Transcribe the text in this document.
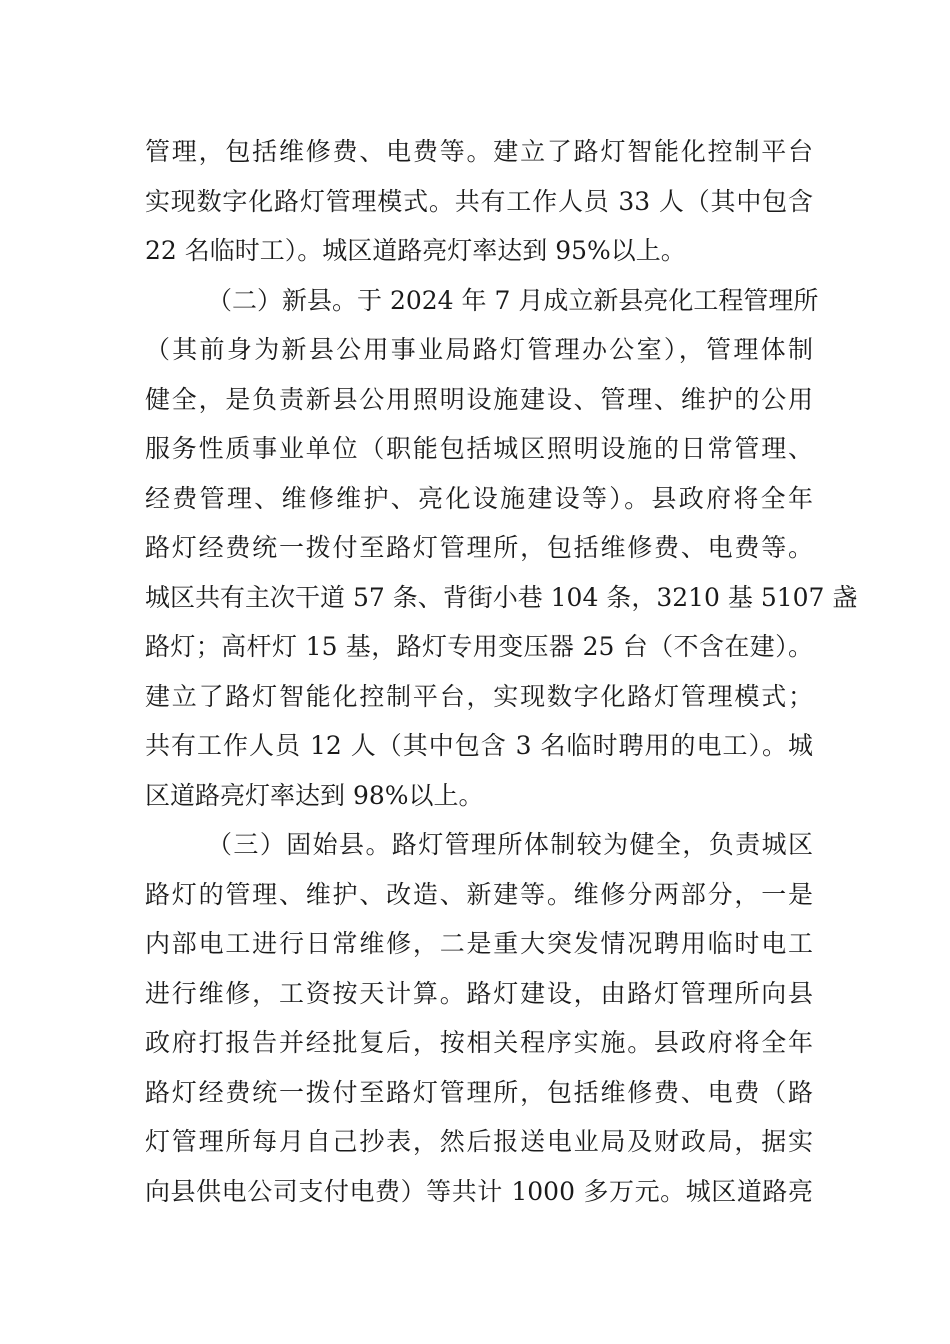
管理，包括维修费、电费等。建立了路灯智能化控制平台
实现数字化路灯管理模式。共有工作人员 33 人（其中包含
22 名临时工）。城区道路亮灯率达到 95%以上。
（二）新县。于 2024 年 7 月成立新县亮化工程管理所
（其前身为新县公用事业局路灯管理办公室），管理体制
健全，是负责新县公用照明设施建设、管理、维护的公用
服务性质事业单位（职能包括城区照明设施的日常管理、
经费管理、维修维护、亮化设施建设等）。县政府将全年
路灯经费统一拨付至路灯管理所，包括维修费、电费等。
城区共有主次干道 57 条、背街小巷 104 条，3210 基 5107 盏
路灯；高杆灯 15 基，路灯专用变压器 25 台（不含在建）。
建立了路灯智能化控制平台，实现数字化路灯管理模式；
共有工作人员 12 人（其中包含 3 名临时聘用的电工）。城
区道路亮灯率达到 98%以上。
（三）固始县。路灯管理所体制较为健全，负责城区
路灯的管理、维护、改造、新建等。维修分两部分，一是
内部电工进行日常维修，二是重大突发情况聘用临时电工
进行维修，工资按天计算。路灯建设，由路灯管理所向县
政府打报告并经批复后，按相关程序实施。县政府将全年
路灯经费统一拨付至路灯管理所，包括维修费、电费（路
灯管理所每月自己抄表，然后报送电业局及财政局，据实
向县供电公司支付电费）等共计 1000 多万元。城区道路亮
